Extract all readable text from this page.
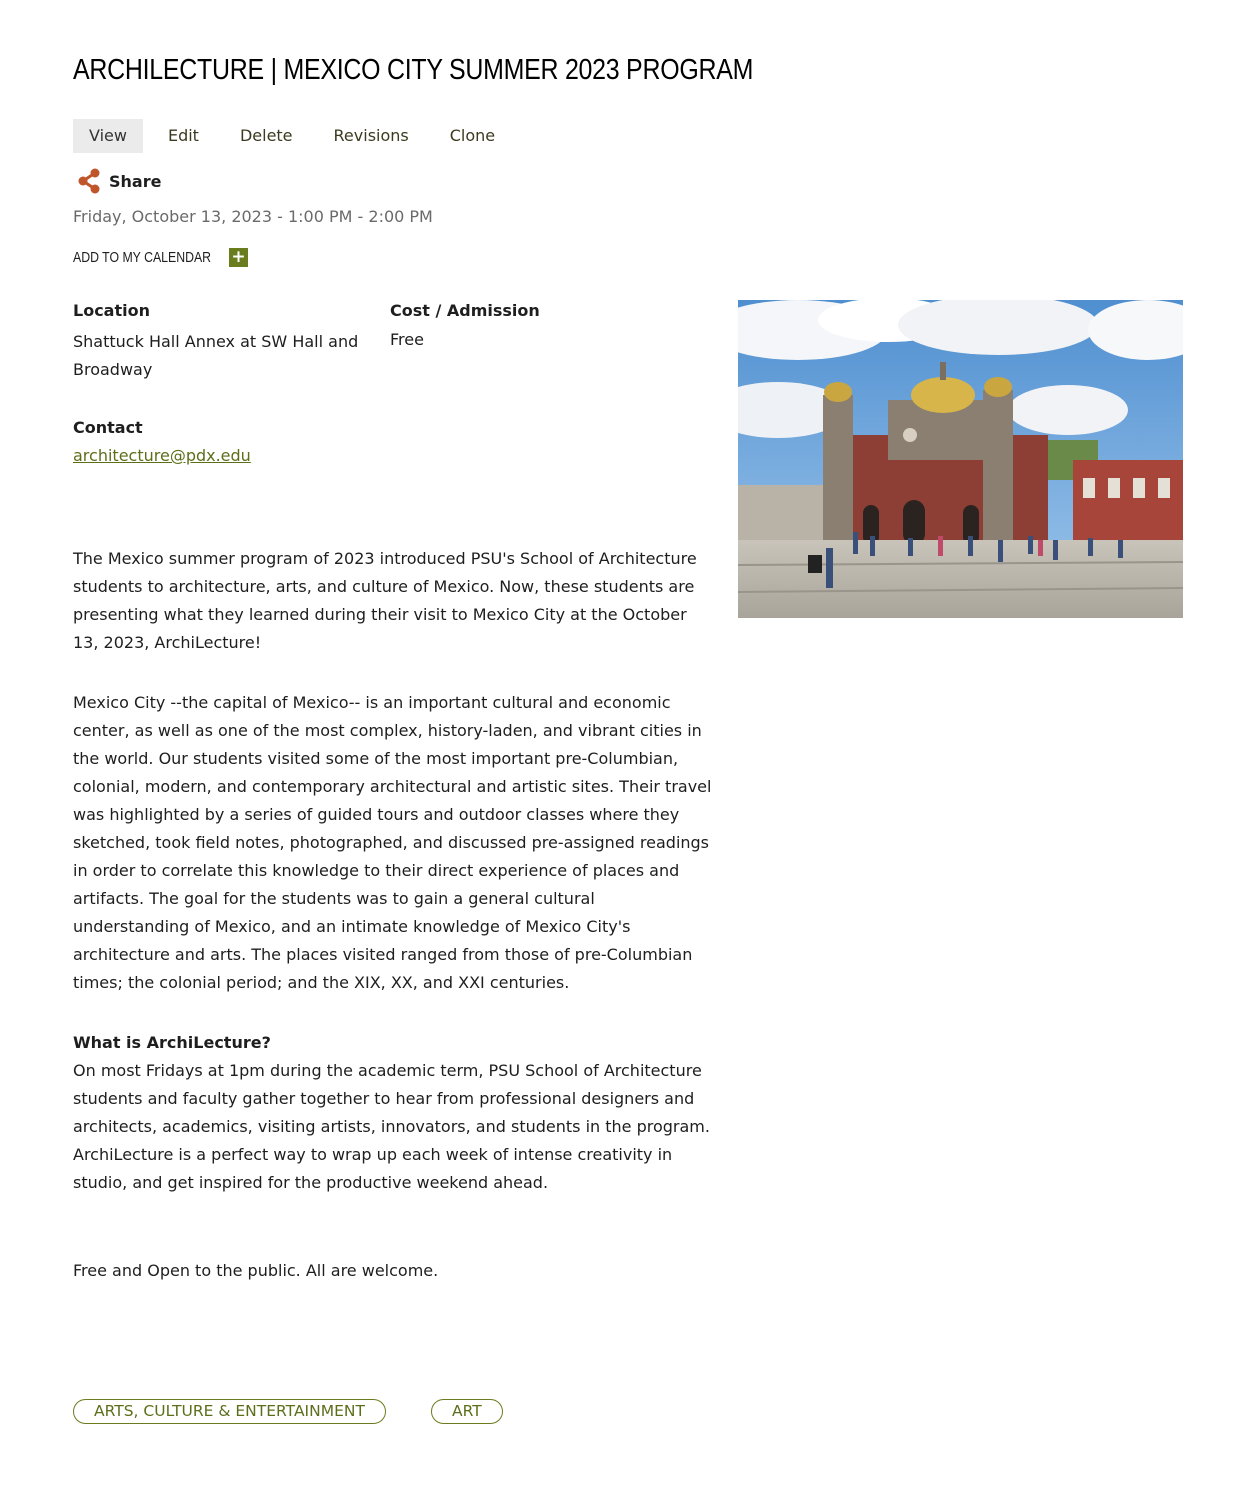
ARCHILECTURE | MEXICO CITY SUMMER 2023 PROGRAM
View	Edit	Delete	Revisions	Clone
Share
Friday, October 13, 2023 - 1:00 PM - 2:00 PM
ADD TO MY CALENDAR +
Location
Shattuck Hall Annex at SW Hall and
Broadway
Cost / Admission
Free
Contact
architecture@pdx.edu

The Mexico summer program of 2023 introduced PSU's School of Architecture students to architecture, arts, and culture of Mexico. Now, these students are presenting what they learned during their visit to Mexico City at the October 13, 2023, ArchiLecture!

Mexico City --the capital of Mexico-- is an important cultural and economic center, as well as one of the most complex, history-laden, and vibrant cities in the world. Our students visited some of the most important pre-Columbian, colonial, modern, and contemporary architectural and artistic sites. Their travel was highlighted by a series of guided tours and outdoor classes where they sketched, took field notes, photographed, and discussed pre-assigned readings in order to correlate this knowledge to their direct experience of places and artifacts. The goal for the students was to gain a general cultural understanding of Mexico, and an intimate knowledge of Mexico City's architecture and arts. The places visited ranged from those of pre-Columbian times; the colonial period; and the XIX, XX, and XXI centuries.

What is ArchiLecture?

On most Fridays at 1pm during the academic term, PSU School of Architecture students and faculty gather together to hear from professional designers and architects, academics, visiting artists, innovators, and students in the program. ArchiLecture is a perfect way to wrap up each week of intense creativity in studio, and get inspired for the productive weekend ahead.

Free and Open to the public. All are welcome.

ARTS, CULTURE & ENTERTAINMENT	ART
